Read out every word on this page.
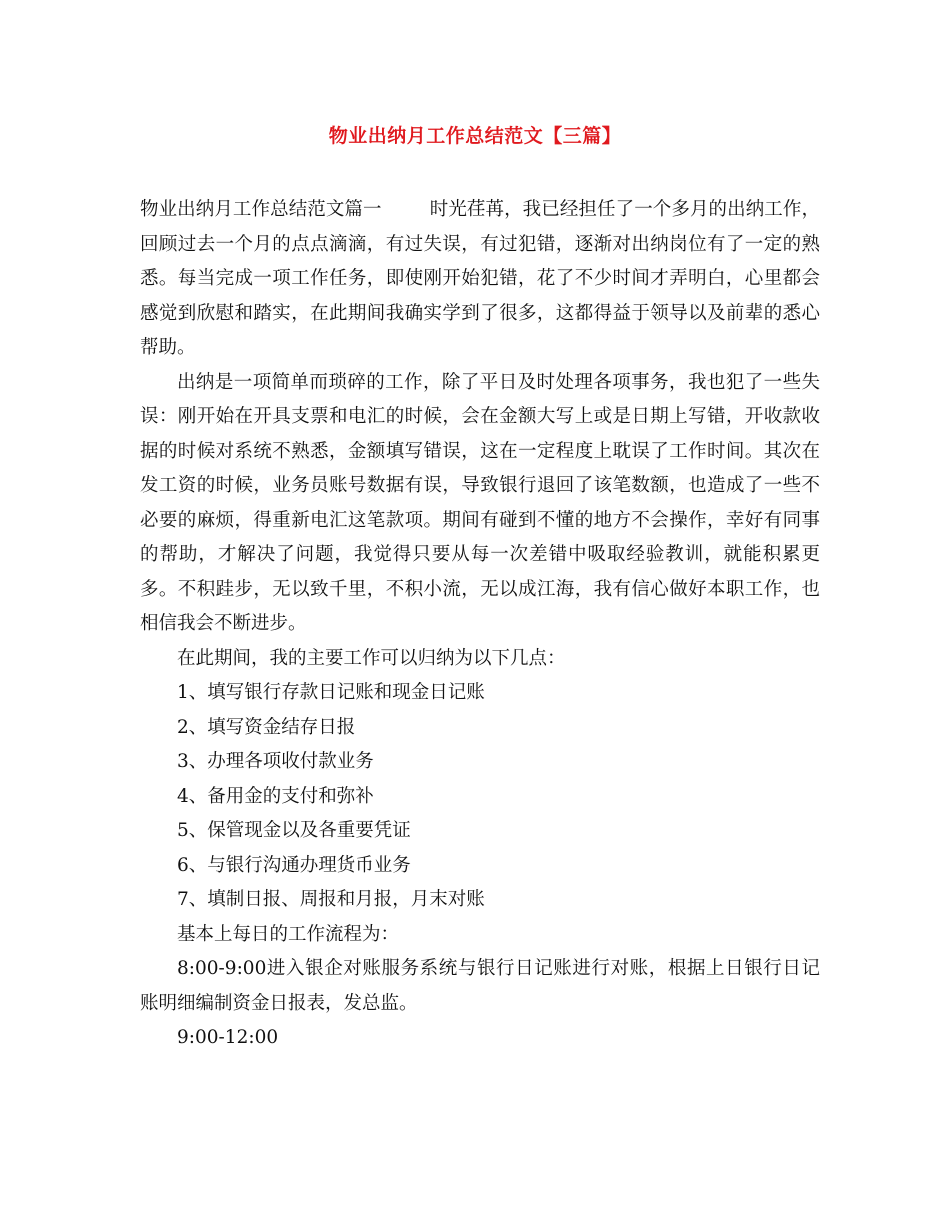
物业出纳月工作总结范文【三篇】

物业出纳月工作总结范文篇一	时光荏苒，我已经担任了一个多月的出纳工作，回顾过去一个月的点点滴滴，有过失误，有过犯错，逐渐对出纳岗位有了一定的熟悉。每当完成一项工作任务，即使刚开始犯错，花了不少时间才弄明白，心里都会感觉到欣慰和踏实，在此期间我确实学到了很多，这都得益于领导以及前辈的悉心帮助。

出纳是一项简单而琐碎的工作，除了平日及时处理各项事务，我也犯了一些失误：刚开始在开具支票和电汇的时候，会在金额大写上或是日期上写错，开收款收据的时候对系统不熟悉，金额填写错误，这在一定程度上耽误了工作时间。其次在发工资的时候，业务员账号数据有误，导致银行退回了该笔数额，也造成了一些不必要的麻烦，得重新电汇这笔款项。期间有碰到不懂的地方不会操作，幸好有同事的帮助，才解决了问题，我觉得只要从每一次差错中吸取经验教训，就能积累更多。不积跬步，无以致千里，不积小流，无以成江海，我有信心做好本职工作，也相信我会不断进步。

在此期间，我的主要工作可以归纳为以下几点：

1、填写银行存款日记账和现金日记账
2、填写资金结存日报
3、办理各项收付款业务
4、备用金的支付和弥补
5、保管现金以及各重要凭证
6、与银行沟通办理货币业务
7、填制日报、周报和月报，月末对账

基本上每日的工作流程为：

8:00-9:00进入银企对账服务系统与银行日记账进行对账，根据上日银行日记账明细编制资金日报表，发总监。

9:00-12:00
